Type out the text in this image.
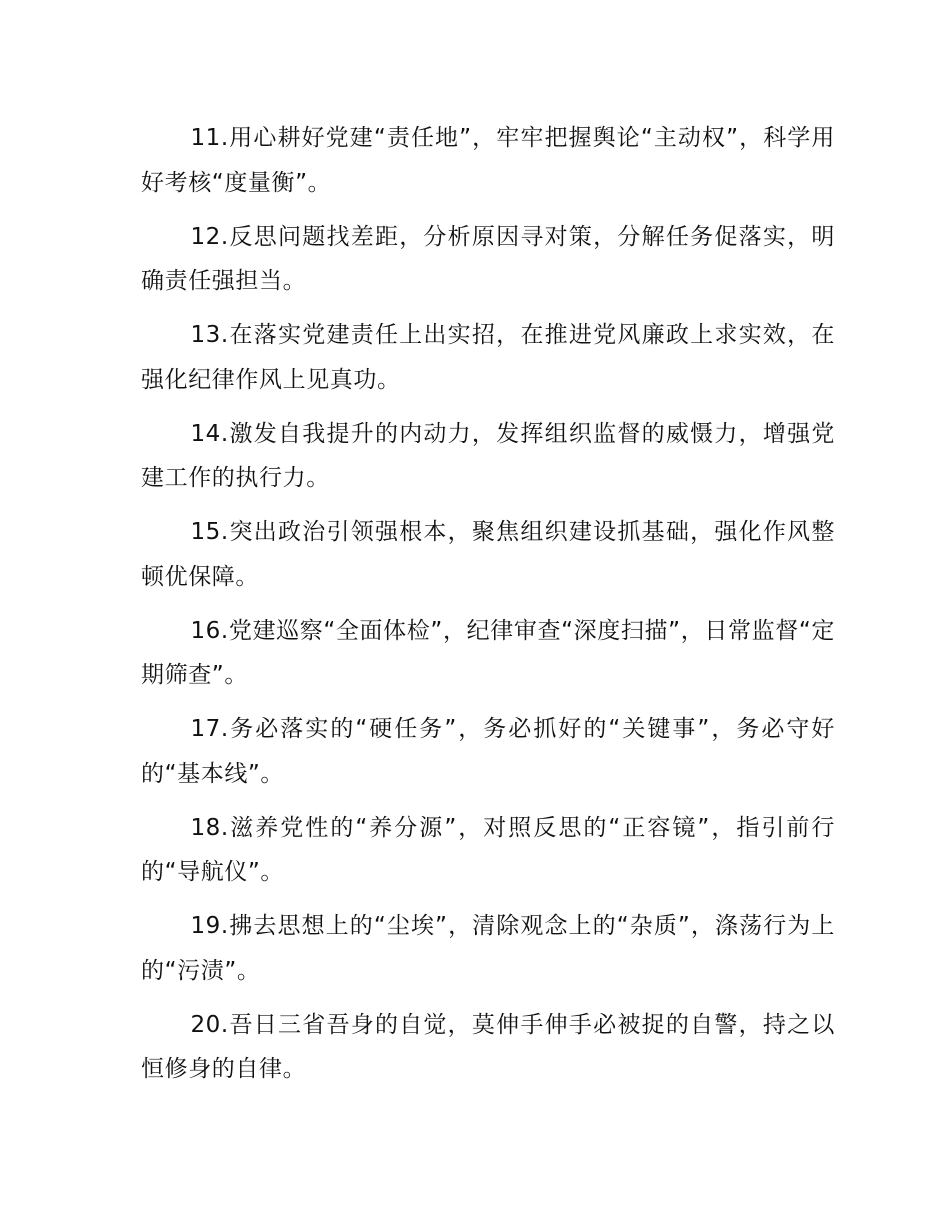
11.用心耕好党建“责任地”，牢牢把握舆论“主动权”，科学用好考核“度量衡”。

12.反思问题找差距，分析原因寻对策，分解任务促落实，明确责任强担当。

13.在落实党建责任上出实招，在推进党风廉政上求实效，在强化纪律作风上见真功。

14.激发自我提升的内动力，发挥组织监督的威慑力，增强党建工作的执行力。

15.突出政治引领强根本，聚焦组织建设抓基础，强化作风整顿优保障。

16.党建巡察“全面体检”，纪律审查“深度扫描”，日常监督“定期筛查”。

17.务必落实的“硬任务”，务必抓好的“关键事”，务必守好的“基本线”。

18.滋养党性的“养分源”，对照反思的“正容镜”，指引前行的“导航仪”。

19.拂去思想上的“尘埃”，清除观念上的“杂质”，涤荡行为上的“污渍”。

20.吾日三省吾身的自觉，莫伸手伸手必被捉的自警，持之以恒修身的自律。
